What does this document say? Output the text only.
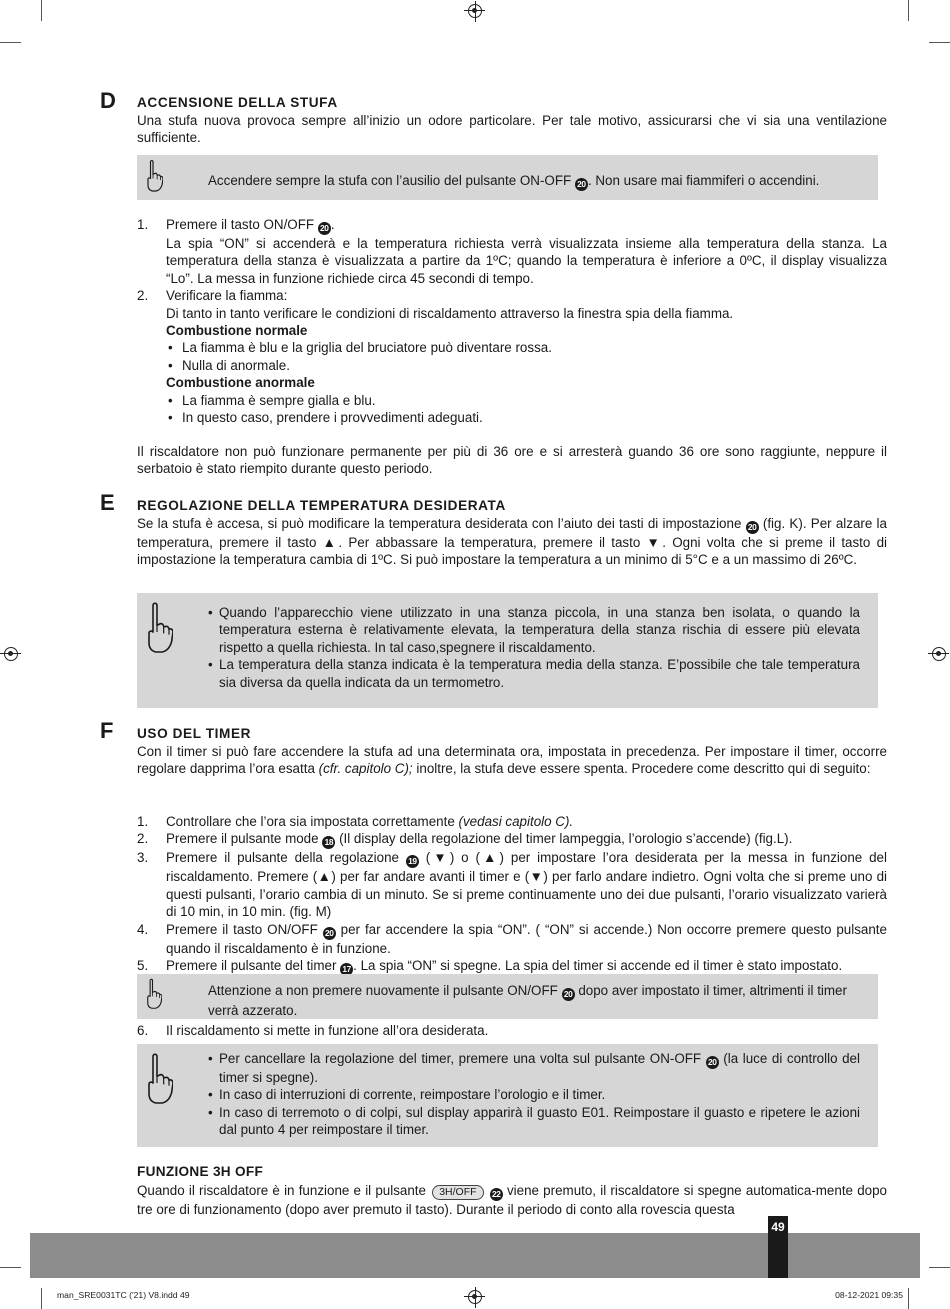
D ACCENSIONE DELLA STUFA

Una stufa nuova provoca sempre all’inizio un odore particolare. Per tale motivo, assicurarsi che vi sia una ventilazione sufficiente.

Accendere sempre la stufa con l’ausilio del pulsante ON-OFF 20 . Non usare mai fiammiferi o accendini.
1. Premere il tasto ON/OFF 20 .
La spia “ON” si accenderà e la temperatura richiesta verrà visualizzata insieme alla temperatura della stanza. La temperatura della stanza è visualizzata a partire da 1ºC; quando la temperatura è inferiore a 0ºC, il display visualizza “Lo”. La messa in funzione richiede circa 45 secondi di tempo.
2. Verificare la fiamma:
Di tanto in tanto verificare le condizioni di riscaldamento attraverso la finestra spia della fiamma.
Combustione normale
• La fiamma è blu e la griglia del bruciatore può diventare rossa.
• Nulla di anormale.
Combustione anormale
• La fiamma è sempre gialla e blu.
• In questo caso, prendere i provvedimenti adeguati.

Il riscaldatore non può funzionare permanente per più di 36 ore e si arresterà guando 36 ore sono raggiunte, neppure il serbatoio è stato riempito durante questo periodo.

E REGOLAZIONE DELLA TEMPERATURA DESIDERATA

Se la stufa è accesa, si può modificare la temperatura desiderata con l’aiuto dei tasti di impostazione 20 (fig. K). Per alzare la temperatura, premere il tasto ▲. Per abbassare la temperatura, premere il tasto ▼. Ogni volta che si preme il tasto di impostazione la temperatura cambia di 1ºC. Si può impostare la temperatura a un minimo di 5°C e a un massimo di 26ºC.

• Quando l’apparecchio viene utilizzato in una stanza piccola, in una stanza ben isolata, o quando la temperatura esterna è relativamente elevata, la temperatura della stanza rischia di essere più elevata rispetto a quella richiesta. In tal caso,spegnere il riscaldamento.
• La temperatura della stanza indicata è la temperatura media della stanza. E’possibile che tale temperatura sia diversa da quella indicata da un termometro.
F USO DEL TIMER

Con il timer si può fare accendere la stufa ad una determinata ora, impostata in precedenza. Per impostare il timer, occorre regolare dapprima l’ora esatta (cfr. capitolo C); inoltre, la stufa deve essere spenta. Procedere come descritto qui di seguito:

1. Controllare che l’ora sia impostata correttamente (vedasi capitolo C).
2. Premere il pulsante mode 18 (Il display della regolazione del timer lampeggia, l’orologio s’accende) (fig.L).
3. Premere il pulsante della regolazione 19 (▼) o (▲) per impostare l’ora desiderata per la messa in funzione del riscaldamento. Premere (▲) per far andare avanti il timer e (▼) per farlo andare indietro. Ogni volta che si preme uno di questi pulsanti, l’orario cambia di un minuto. Se si preme continuamente uno dei due pulsanti, l’orario visualizzato varierà di 10 min, in 10 min. (fig. M)
4. Premere il tasto ON/OFF 20 per far accendere la spia “ON”. ( “ON” si accende.) Non occorre premere questo pulsante quando il riscaldamento è in funzione.
5. Premere il pulsante del timer 17 . La spia “ON” si spegne. La spia del timer si accende ed il timer è stato impostato.
Attenzione a non premere nuovamente il pulsante ON/OFF 20 dopo aver impostato il timer, altrimenti il timer verrà azzerato.
6. Il riscaldamento si mette in funzione all’ora desiderata.
• Per cancellare la regolazione del timer, premere una volta sul pulsante ON-OFF 20 (la luce di controllo del timer si spegne).
• In caso di interruzioni di corrente, reimpostare l’orologio e il timer.
• In caso di terremoto o di colpi, sul display apparirà il guasto E01. Reimpostare il guasto e ripetere le azioni dal punto 4 per reimpostare il timer.
FUNZIONE 3H OFF

Quando il riscaldatore è in funzione e il pulsante 3H/OFF 22 viene premuto, il riscaldatore si spegne automatica-mente dopo tre ore di funzionamento (dopo aver premuto il tasto). Durante il periodo di conto alla rovescia questa

49
man_SRE0031TC ('21) V8.indd 49	08-12-2021 09:35
